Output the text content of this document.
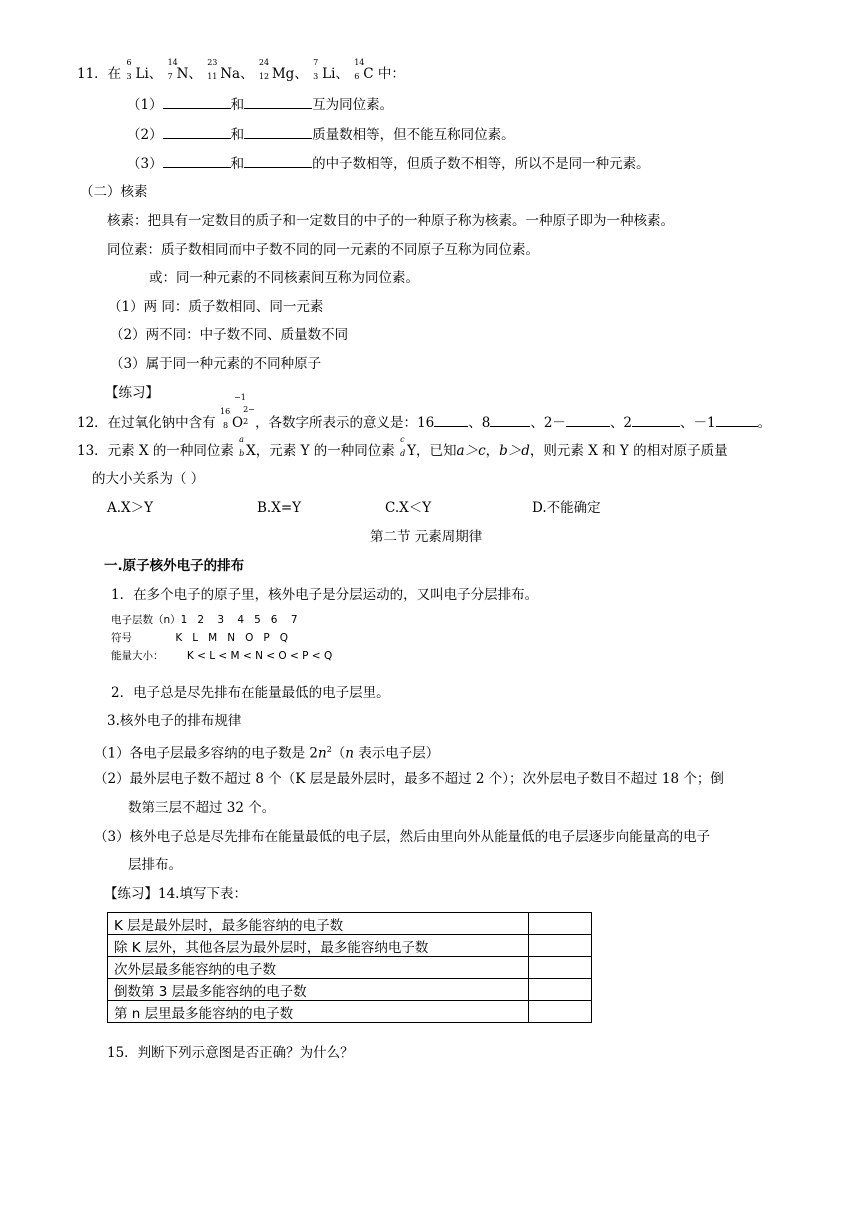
11．在
6
3 Li、
14
7 N、
23
11 Na、
24
12 Mg、
7
3 Li、
14
6 C 中：
（1）	和	互为同位素。
（2）	和	质量数相等，但不能互称同位素。
（3）	和	的中子数相等，但质子数不相等，所以不是同一种元素。
（二）核素
核素：把具有一定数目的质子和一定数目的中子的一种原子称为核素。一种原子即为一种核素。
同位素：质子数相同而中子数不同的同一元素的不同原子互称为同位素。
或：同一种元素的不同核素间互称为同位素。
（1）两 同：质子数相同、同一元素
（2）两不同：中子数不同、质量数不同
（3）属于同一种元素的不同种原子
【练习】
12．在过氧化钠中含有
16
8
−1
O
2−
2 ，各数字所表示的意义是：16	、8	、2－	、2	、－1	。
13．元素 X 的一种同位素
a
b X，元素 Y 的一种同位素
c
d Y，已知a＞c，b＞d，则元素 X 和 Y 的相对原子质量
的大小关系为（ ）
A.X＞Y	B.X=Y	C.X＜Y	D.不能确定
第二节 元素周期律
一.原子核外电子的排布
1．在多个电子的原子里，核外电子是分层运动的，又叫电子分层排布。
电子层数（n）1   2    3    4   5   6    7
符号             K   L   M   N   O   P   Q
能量大小：       K < L < M < N < O < P < Q
2．电子总是尽先排布在能量最低的电子层里。
3.核外电子的排布规律
（1）各电子层最多容纳的电子数是 $2n^2(n$ 表示电子层）
（2）最外层电子数不超过 8 个（K 层是最外层时，最多不超过 2 个）；次外层电子数目不超过 18 个；倒
数第三层不超过 32 个。
（3）核外电子总是尽先排布在能量最低的电子层，然后由里向外从能量低的电子层逐步向能量高的电子
层排布。
【练习】14.填写下表：
K 层是最外层时，最多能容纳的电子数	
除 K 层外，其他各层为最外层时，最多能容纳电子数	
次外层最多能容纳的电子数	
倒数第 3 层最多能容纳的电子数	
第 n 层里最多能容纳的电子数	
15．判断下列示意图是否正确？为什么？
